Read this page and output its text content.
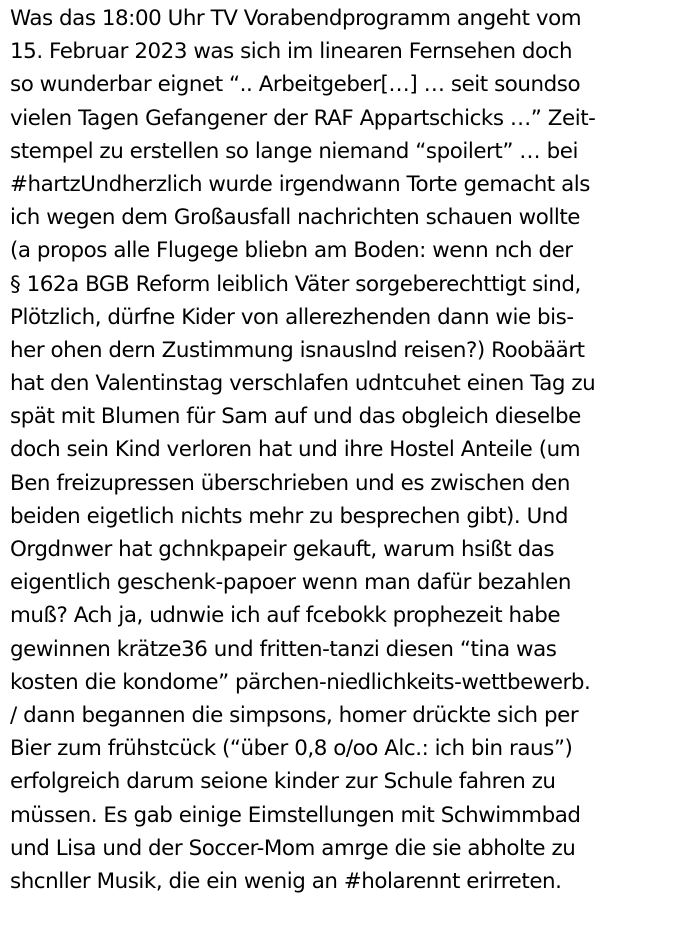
Was das 18:00 Uhr TV Vorabendprogramm angeht vom
15. Februar 2023 was sich im linearen Fernsehen doch
so wunderbar eignet “.. Arbeitgeber[…] … seit soundso
vielen Tagen Gefangener der RAF Appartschicks …” Zeit-
stempel zu erstellen so lange niemand “spoilert” … bei
#hartzUndherzlich wurde irgendwann Torte gemacht als
ich wegen dem Großausfall nachrichten schauen wollte
(a propos alle Flugege bliebn am Boden: wenn nch der
§ 162a BGB Reform leiblich Väter sorgeberechttigt sind,
Plötzlich, dürfne Kider von allerezhenden dann wie bis-
her ohen dern Zustimmung isnauslnd reisen?) Roobäärt
hat den Valentinstag verschlafen udntcuhet einen Tag zu
spät mit Blumen für Sam auf und das obgleich dieselbe
doch sein Kind verloren hat und ihre Hostel Anteile (um
Ben freizupressen überschrieben und es zwischen den
beiden eigetlich nichts mehr zu besprechen gibt). Und
Orgdnwer hat gchnkpapeir gekauft, warum hsißt das
eigentlich geschenk-papoer wenn man dafür bezahlen
muß? Ach ja, udnwie ich auf fcebokk prophezeit habe
gewinnen krätze36 und fritten-tanzi diesen “tina was
kosten die kondome” pärchen-niedlichkeits-wettbewerb.
/ dann begannen die simpsons, homer drückte sich per
Bier zum frühstcück (“über 0,8 o/oo Alc.: ich bin raus”)
erfolgreich darum seione kinder zur Schule fahren zu
müssen. Es gab einige Eimstellungen mit Schwimmbad
und Lisa und der Soccer-Mom amrge die sie abholte zu
shcnller Musik, die ein wenig an #holarennt erirreten.
